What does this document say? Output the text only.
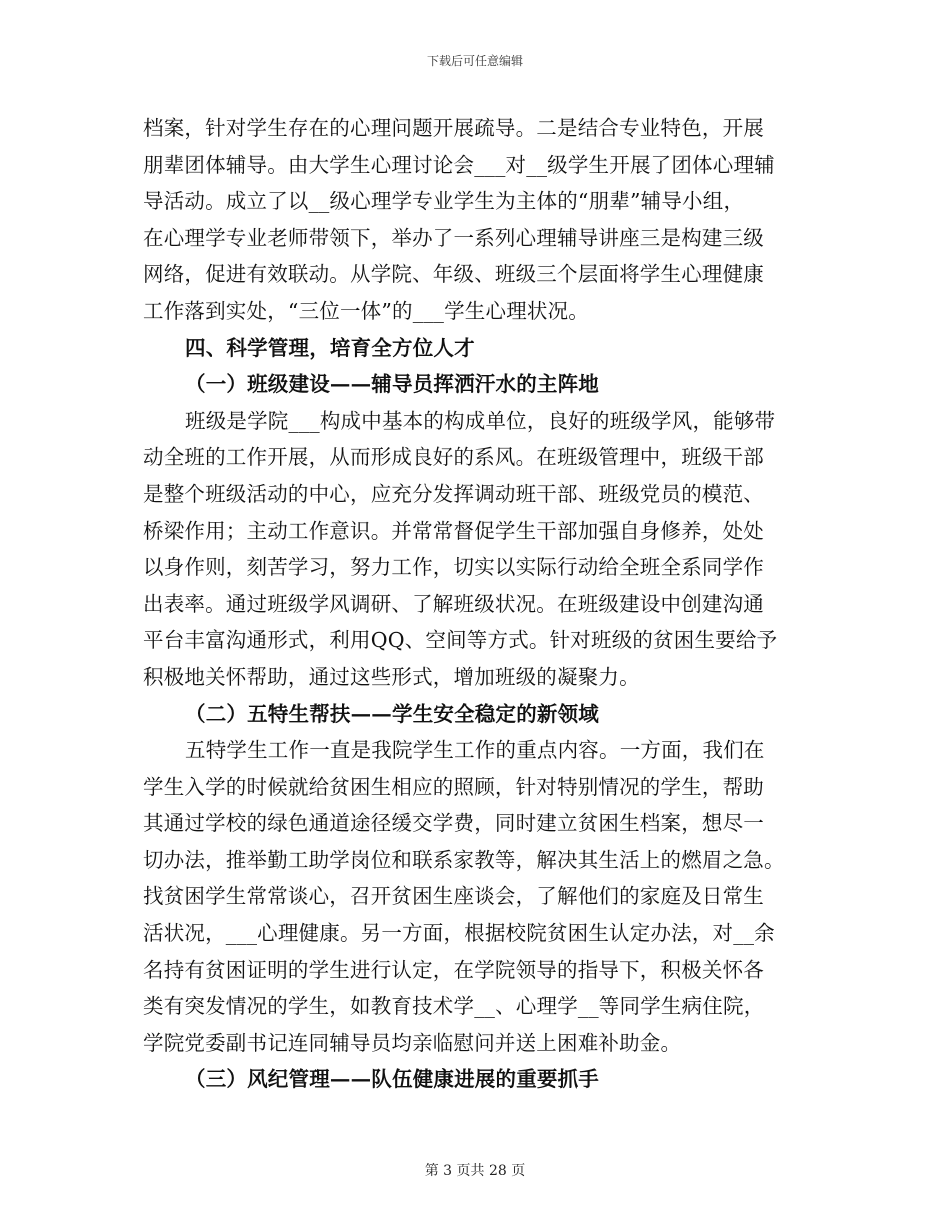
下载后可任意编辑
档案，针对学生存在的心理问题开展疏导。二是结合专业特色，开展
朋辈团体辅导。由大学生心理讨论会___对__级学生开展了团体心理辅
导活动。成立了以__级心理学专业学生为主体的“朋辈”辅导小组，
在心理学专业老师带领下，举办了一系列心理辅导讲座三是构建三级
网络，促进有效联动。从学院、年级、班级三个层面将学生心理健康
工作落到实处，“三位一体”的___学生心理状况。
四、科学管理，培育全方位人才
（一）班级建设——辅导员挥洒汗水的主阵地
班级是学院___构成中基本的构成单位，良好的班级学风，能够带
动全班的工作开展，从而形成良好的系风。在班级管理中，班级干部
是整个班级活动的中心，应充分发挥调动班干部、班级党员的模范、
桥梁作用；主动工作意识。并常常督促学生干部加强自身修养，处处
以身作则，刻苦学习，努力工作，切实以实际行动给全班全系同学作
出表率。通过班级学风调研、了解班级状况。在班级建设中创建沟通
平台丰富沟通形式，利用QQ、空间等方式。针对班级的贫困生要给予
积极地关怀帮助，通过这些形式，增加班级的凝聚力。
（二）五特生帮扶——学生安全稳定的新领域
五特学生工作一直是我院学生工作的重点内容。一方面，我们在
学生入学的时候就给贫困生相应的照顾，针对特别情况的学生，帮助
其通过学校的绿色通道途径缓交学费，同时建立贫困生档案，想尽一
切办法，推举勤工助学岗位和联系家教等，解决其生活上的燃眉之急。
找贫困学生常常谈心，召开贫困生座谈会，了解他们的家庭及日常生
活状况，___心理健康。另一方面，根据校院贫困生认定办法，对__余
名持有贫困证明的学生进行认定，在学院领导的指导下，积极关怀各
类有突发情况的学生，如教育技术学__、心理学__等同学生病住院，
学院党委副书记连同辅导员均亲临慰问并送上困难补助金。
（三）风纪管理——队伍健康进展的重要抓手
第 3 页共 28 页
